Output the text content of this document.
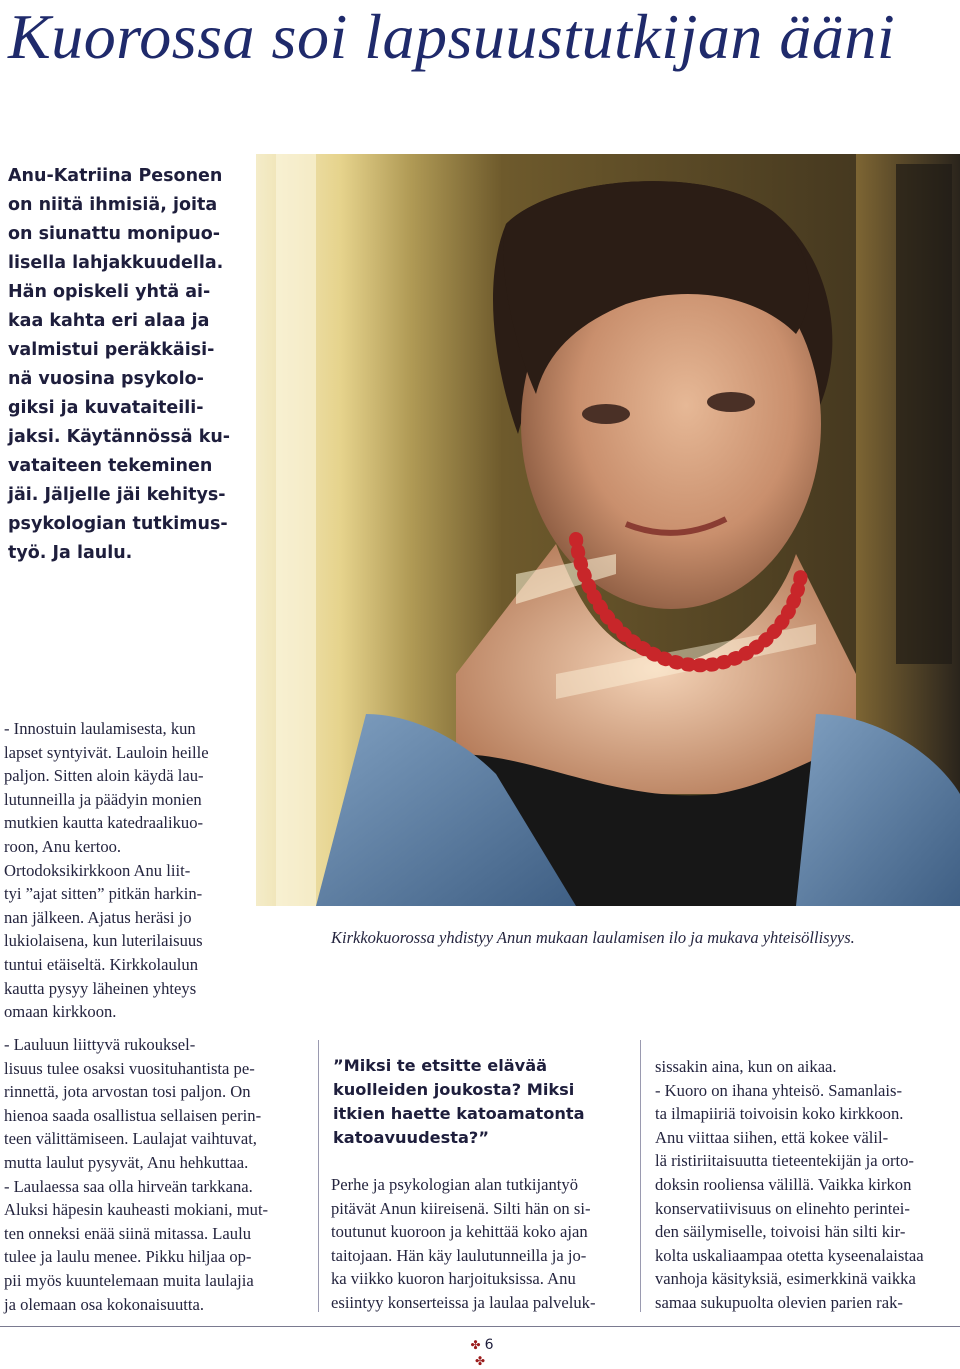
Kuorossa soi lapsuustutkijan ääni
Anu-Katriina Pesonen
on niitä ihmisiä, joita
on siunattu monipuo-
lisella lahjakkuudella.
Hän opiskeli yhtä ai-
kaa kahta eri alaa ja
valmistui peräkkäisi-
nä vuosina psykolo-
giksi ja kuvataiteili-
jaksi. Käytännössä ku-
vataiteen tekeminen
jäi. Jäljelle jäi kehitys-
psykologian tutkimus-
työ. Ja laulu.
- Innostuin laulamisesta, kun
lapset syntyivät. Lauloin heille
paljon. Sitten aloin käydä lau-
lutunneilla ja päädyin monien
mutkien kautta katedraalikuo-
roon, Anu kertoo.
Ortodoksikirkkoon Anu liit-
tyi ”ajat sitten” pitkän harkin-
nan jälkeen. Ajatus heräsi jo
lukiolaisena, kun luterilaisuus
tuntui etäiseltä. Kirkkolaulun
kautta pysyy läheinen yhteys
omaan kirkkoon.
- Lauluun liittyvä rukouksel-
lisuus tulee osaksi vuosituhantista pe-
rinnettä, jota arvostan tosi paljon. On
hienoa saada osallistua sellaisen perin-
teen välittämiseen. Laulajat vaihtuvat,
mutta laulut pysyvät, Anu hehkuttaa.
- Laulaessa saa olla hirveän tarkkana.
Aluksi häpesin kauheasti mokiani, mut-
ten onneksi enää siinä mitassa. Laulu
tulee ja laulu menee. Pikku hiljaa op-
pii myös kuuntelemaan muita laulajia
ja olemaan osa kokonaisuutta.
Kirkkokuorossa yhdistyy Anun mukaan laulamisen ilo ja mukava yhteisöllisyys.
”Miksi te etsitte elävää
kuolleiden joukosta? Miksi
itkien haette katoamatonta
katoavuudesta?”
Perhe ja psykologian alan tutkijantyö
pitävät Anun kiireisenä. Silti hän on si-
toutunut kuoroon ja kehittää koko ajan
taitojaan. Hän käy laulutunneilla ja jo-
ka viikko kuoron harjoituksissa. Anu
esiintyy konserteissa ja laulaa palveluk-
sissakin aina, kun on aikaa.
- Kuoro on ihana yhteisö. Samanlais-
ta ilmapiiriä toivoisin koko kirkkoon.
Anu viittaa siihen, että kokee välil-
lä ristiriitaisuutta tieteentekijän ja orto-
doksin rooliensa välillä. Vaikka kirkon
konservatiivisuus on elinehto perintei-
den säilymiselle, toivoisi hän silti kir-
kolta uskaliaampaa otetta kyseenalaistaa
vanhoja käsityksiä, esimerkkinä vaikka
samaa sukupuolta olevien parien rak-
✤ 6✤
